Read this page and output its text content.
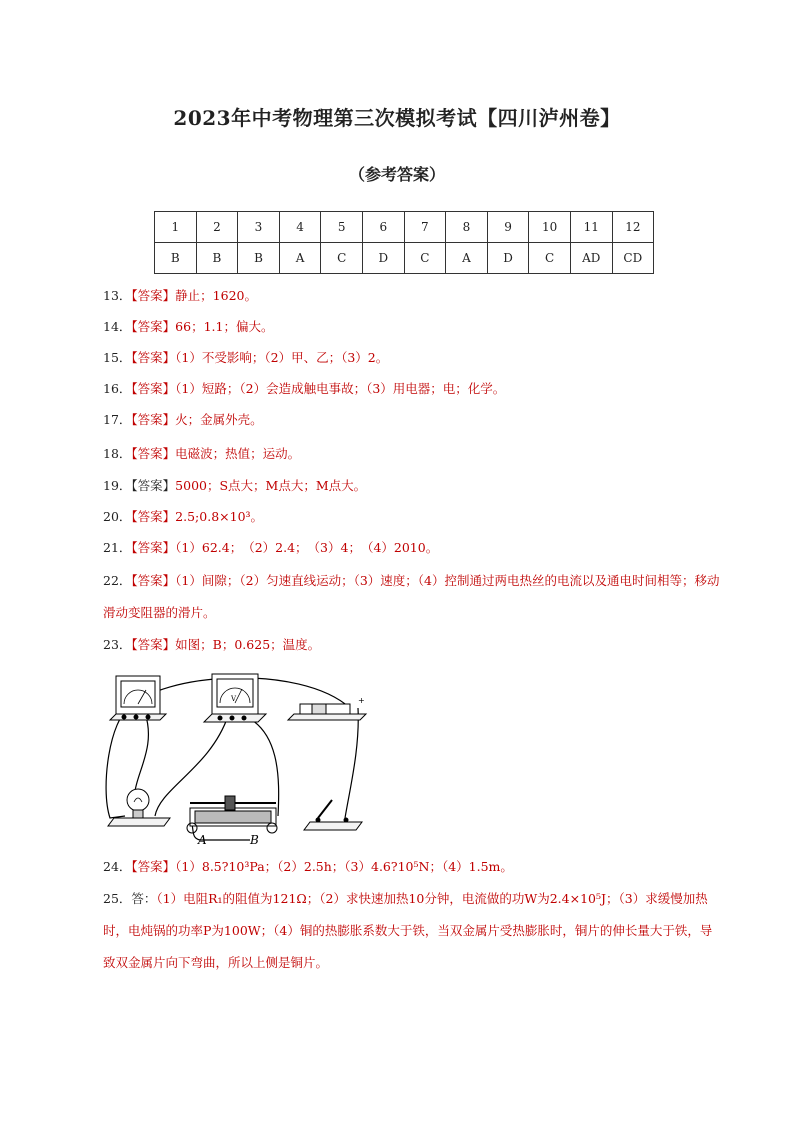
2023年中考物理第三次模拟考试【四川泸州卷】
（参考答案）
1	2	3	4	5	6	7	8	9	10	11	12
B	B	B	A	C	D	C	A	D	C	AD	CD
13．【答案】静止；1620。
14．【答案】66；1.1；偏大。
15．【答案】（1）不受影响；（2）甲、乙；（3）2。
16．【答案】（1）短路；（2）会造成触电事故；（3）用电器；电；化学。
17．【答案】火；金属外壳。
18．【答案】电磁波；热值；运动。
19．【答案】5000；S点大；M点大；M点大。
20．【答案】2.5;0.8×10³。
21．【答案】（1）62.4；　（2）2.4；　（3）4；　（4）2010。
22．【答案】（1）间隙；（2）匀速直线运动；（3）速度；（4）控制通过两电热丝的电流以及通电时间相等；移动滑动变阻器的滑片。
23．【答案】如图；B；0.625；温度。
V	+
A	B
24．【答案】（1）8.5?10³Pa；（2）2.5h；（3）4.6?10⁵N；（4）1.5m。
25．答：（1）电阻R₁的阻值为121Ω；（2）求快速加热10分钟，电流做的功W为2.4×10⁵J；（3）求缓慢加热时，电炖锅的功率P为100W；（4）铜的热膨胀系数大于铁，当双金属片受热膨胀时，铜片的伸长量大于铁，导致双金属片向下弯曲，所以上侧是铜片。
